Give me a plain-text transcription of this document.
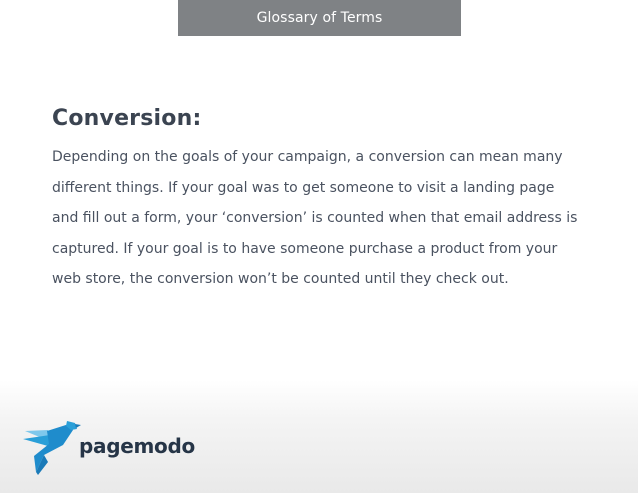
Glossary of Terms
Conversion:

Depending on the goals of your campaign, a conversion can mean many different things. If your goal was to get someone to visit a landing page and fill out a form, your ‘conversion’ is counted when that email address is captured. If your goal is to have someone purchase a product from your web store, the conversion won’t be counted until they check out.

pagemodo
